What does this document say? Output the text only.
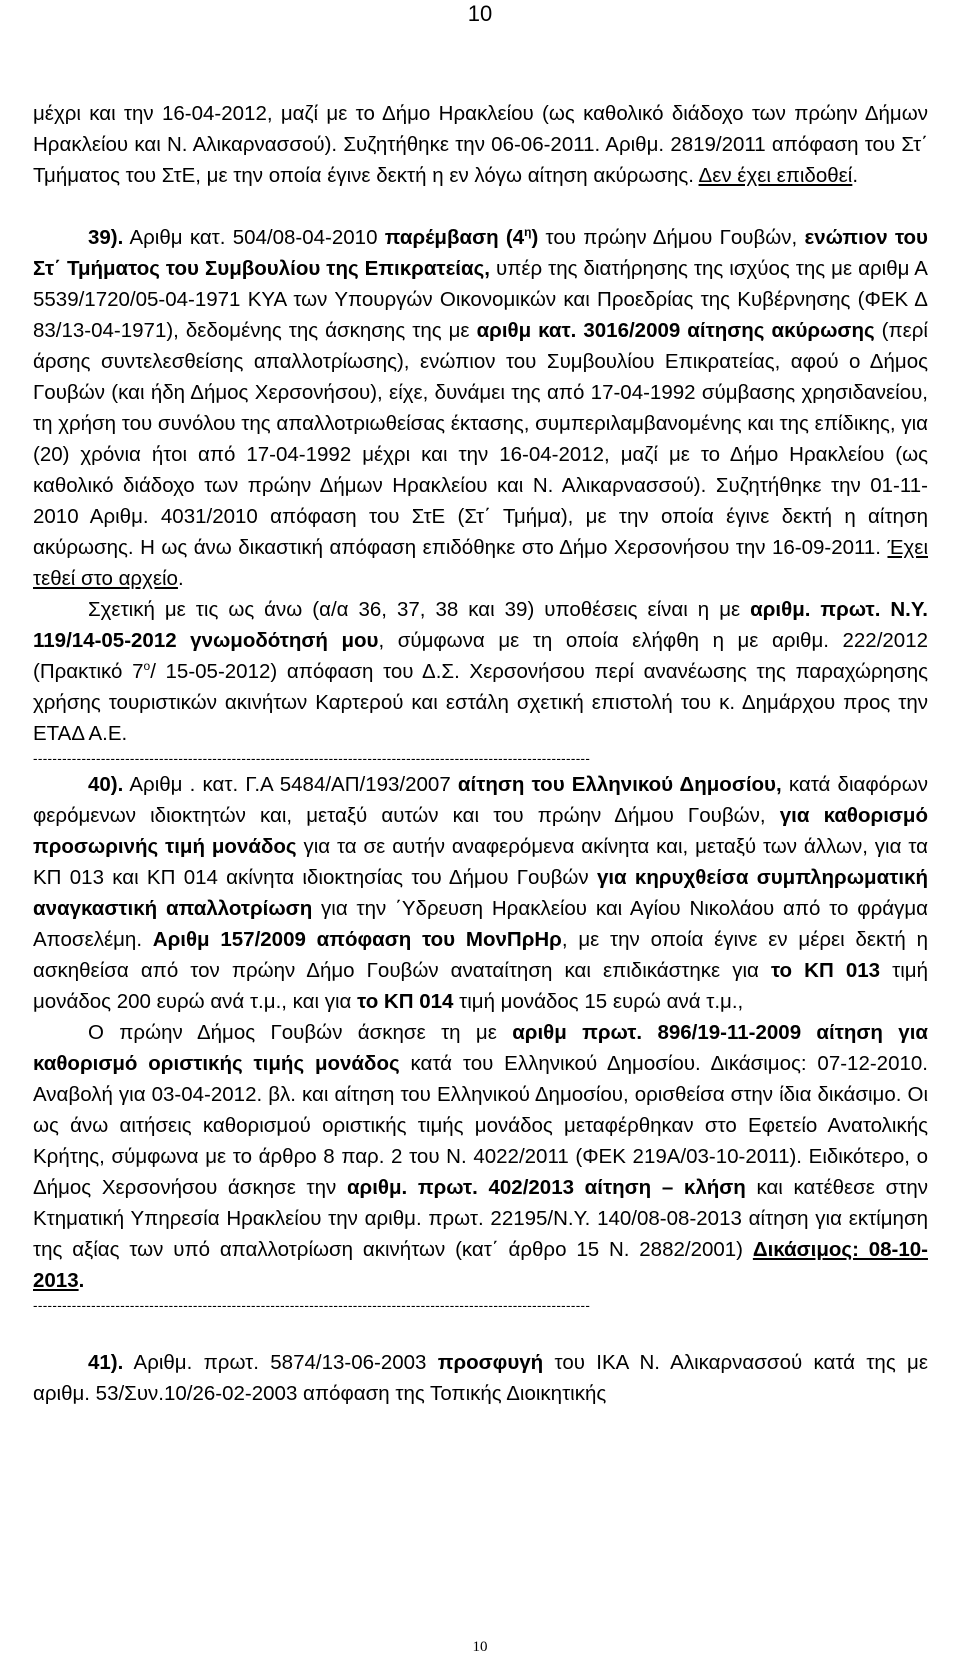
10

μέχρι και την 16-04-2012, μαζί με το Δήμο Ηρακλείου (ως καθολικό διάδοχο των πρώην Δήμων Ηρακλείου και Ν. Αλικαρνασσού). Συζητήθηκε την 06-06-2011. Αριθμ. 2819/2011 απόφαση του Στ΄ Τμήματος του ΣτΕ, με την οποία έγινε δεκτή η εν λόγω αίτηση ακύρωσης. Δεν έχει επιδοθεί.

39). Αριθμ κατ. 504/08-04-2010 παρέμβαση $(4^\eta)$ του πρώην Δήμου Γουβών, ενώπιον του Στ΄ Τμήματος του Συμβουλίου της Επικρατείας, υπέρ της διατήρησης της ισχύος της με αριθμ Α 5539/1720/05-04-1971 ΚΥΑ των Υπουργών Οικονομικών και Προεδρίας της Κυβέρνησης (ΦΕΚ Δ 83/13-04-1971), δεδομένης της άσκησης της με αριθμ κατ. 3016/2009 αίτησης ακύρωσης (περί άρσης συντελεσθείσης απαλλοτρίωσης), ενώπιον του Συμβουλίου Επικρατείας, αφού ο Δήμος Γουβών (και ήδη Δήμος Χερσονήσου), είχε, δυνάμει της από 17-04-1992 σύμβασης χρησιδανείου, τη χρήση του συνόλου της απαλλοτριωθείσας έκτασης, συμπεριλαμβανομένης και της επίδικης, για (20) χρόνια ήτοι από 17-04-1992 μέχρι και την 16-04-2012, μαζί με το Δήμο Ηρακλείου (ως καθολικό διάδοχο των πρώην Δήμων Ηρακλείου και Ν. Αλικαρνασσού). Συζητήθηκε την 01-11-2010 Αριθμ. 4031/2010 απόφαση του ΣτΕ (Στ΄ Τμήμα), με την οποία έγινε δεκτή η αίτηση ακύρωσης. Η ως άνω δικαστική απόφαση επιδόθηκε στο Δήμο Χερσονήσου την 16-09-2011. Έχει τεθεί στο αρχείο.

Σχετική με τις ως άνω (α/α 36, 37, 38 και 39) υποθέσεις είναι η με αριθμ. πρωτ. Ν.Υ. 119/14-05-2012 γνωμοδότησή μου, σύμφωνα με τη οποία ελήφθη η με αριθμ. 222/2012 (Πρακτικό $7^o/$ 15-05-2012) απόφαση του Δ.Σ. Χερσονήσου περί ανανέωσης της παραχώρησης χρήσης τουριστικών ακινήτων Καρτερού και εστάλη σχετική επιστολή του κ. Δημάρχου προς την ΕΤΑΔ Α.Ε.

-------------------------------------------------------------------------------------------------------------------

40). Αριθμ . κατ. Γ.Α 5484/ΑΠ/193/2007 αίτηση του Ελληνικού Δημοσίου, κατά διαφόρων φερόμενων ιδιοκτητών και, μεταξύ αυτών και του πρώην Δήμου Γουβών, για καθορισμό προσωρινής τιμή μονάδος για τα σε αυτήν αναφερόμενα ακίνητα και, μεταξύ των άλλων, για τα ΚΠ 013 και ΚΠ 014 ακίνητα ιδιοκτησίας του Δήμου Γουβών για κηρυχθείσα συμπληρωματική αναγκαστική απαλλοτρίωση για την ΄Υδρευση Ηρακλείου και Αγίου Νικολάου από το φράγμα Αποσελέμη. Αριθμ 157/2009 απόφαση του ΜονΠρΗρ, με την οποία έγινε εν μέρει δεκτή η ασκηθείσα από τον πρώην Δήμο Γουβών αναταίτηση και επιδικάστηκε για το ΚΠ 013 τιμή μονάδος 200 ευρώ ανά τ.μ., και για το ΚΠ 014 τιμή μονάδος 15 ευρώ ανά τ.μ.,

Ο πρώην Δήμος Γουβών άσκησε τη με αριθμ πρωτ. 896/19-11-2009 αίτηση για καθορισμό οριστικής τιμής μονάδος κατά του Ελληνικού Δημοσίου. Δικάσιμος: 07-12-2010. Αναβολή για 03-04-2012. βλ. και αίτηση του Ελληνικού Δημοσίου, ορισθείσα στην ίδια δικάσιμο. Οι ως άνω αιτήσεις καθορισμού οριστικής τιμής μονάδος μεταφέρθηκαν στο Εφετείο Ανατολικής Κρήτης, σύμφωνα με το άρθρο 8 παρ. 2 του Ν. 4022/2011 (ΦΕΚ 219Α/03-10-2011). Ειδικότερο, ο Δήμος Χερσονήσου άσκησε την αριθμ. πρωτ. 402/2013 αίτηση – κλήση και κατέθεσε στην Κτηματική Υπηρεσία Ηρακλείου την αριθμ. πρωτ. 22195/Ν.Υ. 140/08-08-2013 αίτηση για εκτίμηση της αξίας των υπό απαλλοτρίωση ακινήτων (κατ΄ άρθρο 15 Ν. 2882/2001) Δικάσιμος: 08-10-2013.

-------------------------------------------------------------------------------------------------------------------

41). Αριθμ. πρωτ. 5874/13-06-2003 προσφυγή του ΙΚΑ Ν. Αλικαρνασσού κατά της με αριθμ. 53/Συν.10/26-02-2003 απόφαση της Τοπικής Διοικητικής

10
